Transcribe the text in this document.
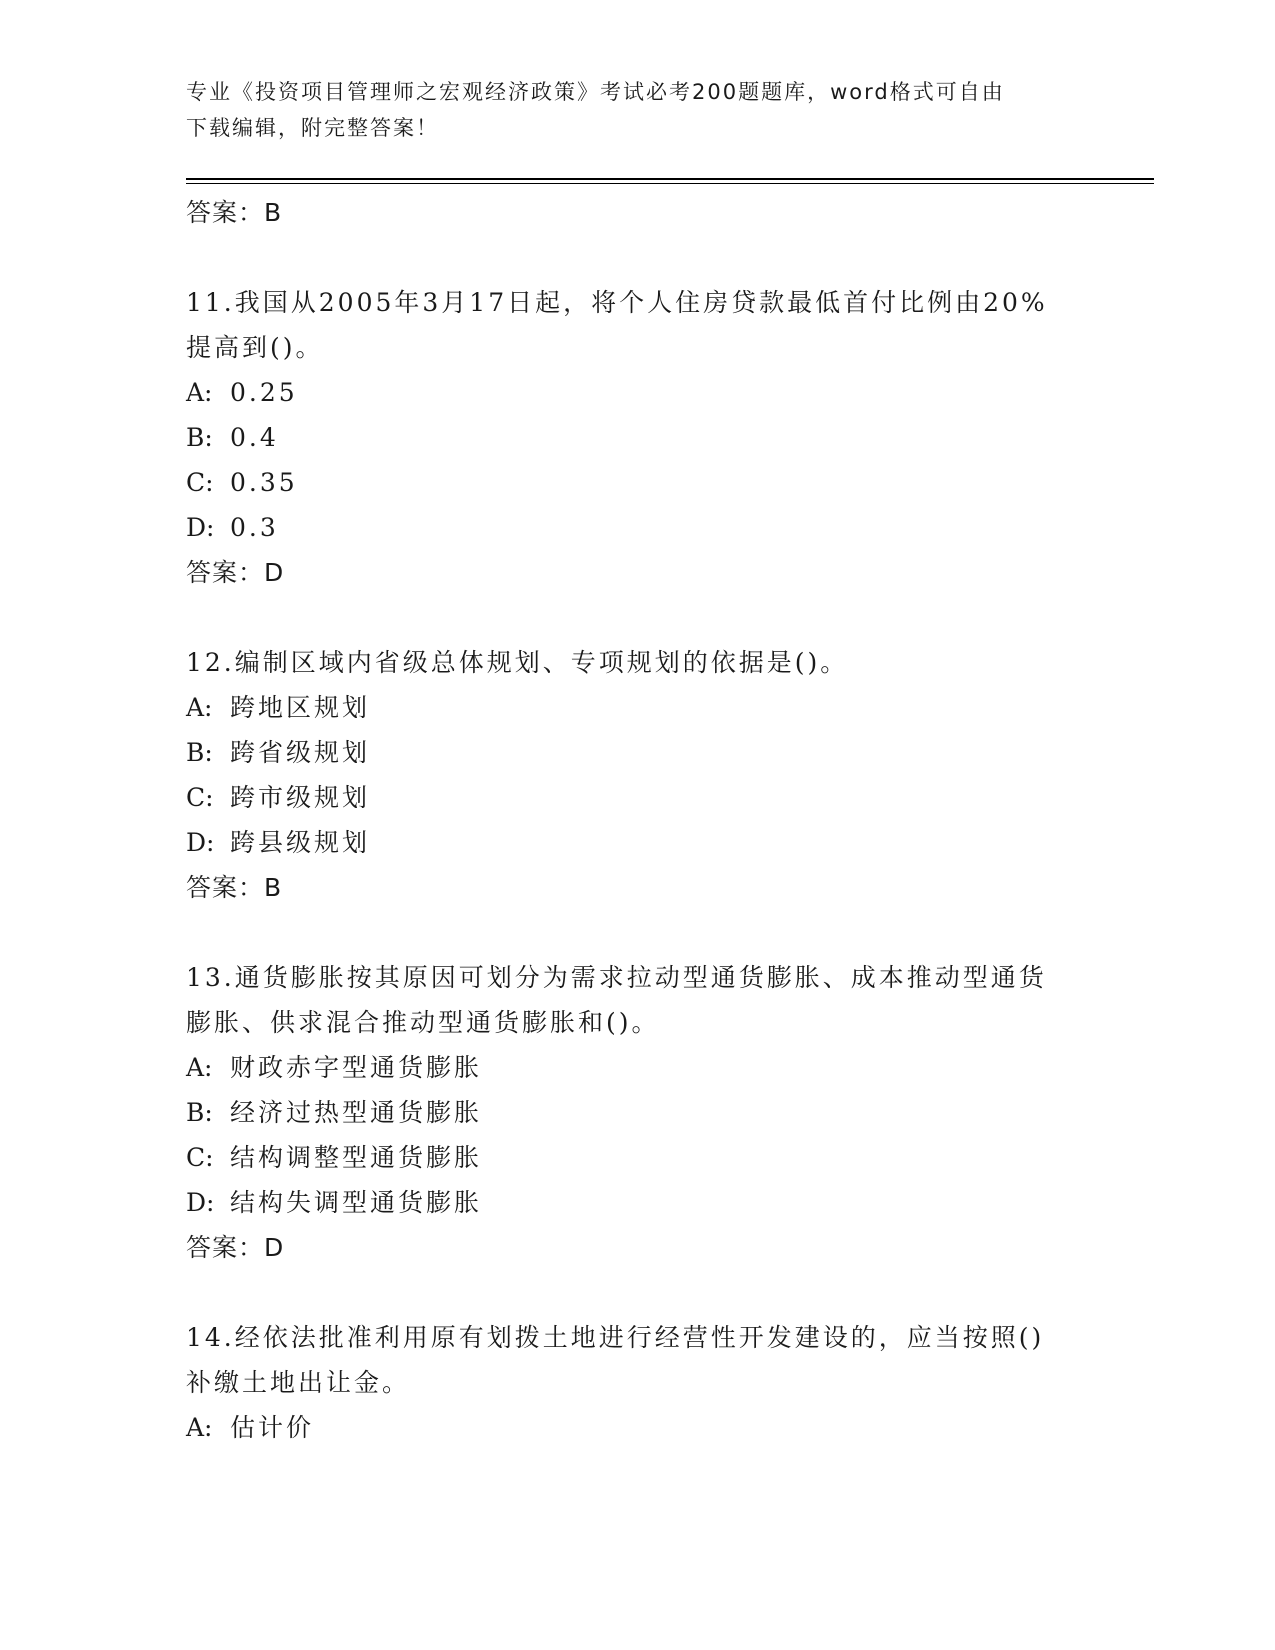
专业《投资项目管理师之宏观经济政策》考试必考200题题库，word格式可自由
下载编辑，附完整答案！
答案：B
11.我国从2005年3月17日起，将个人住房贷款最低首付比例由20%
提高到()。
A: 0.25
B: 0.4
C: 0.35
D: 0.3
答案：D
12.编制区域内省级总体规划、专项规划的依据是()。
A: 跨地区规划
B: 跨省级规划
C: 跨市级规划
D: 跨县级规划
答案：B
13.通货膨胀按其原因可划分为需求拉动型通货膨胀、成本推动型通货
膨胀、供求混合推动型通货膨胀和()。
A: 财政赤字型通货膨胀
B: 经济过热型通货膨胀
C: 结构调整型通货膨胀
D: 结构失调型通货膨胀
答案：D
14.经依法批准利用原有划拨土地进行经营性开发建设的，应当按照()
补缴土地出让金。
A: 估计价
